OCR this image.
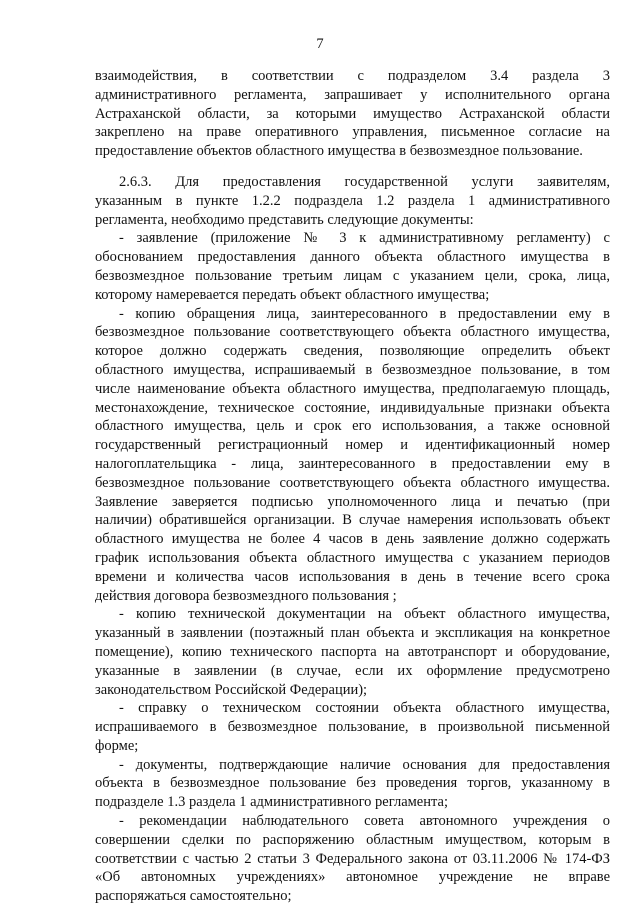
7
взаимодействия, в соответствии с подразделом 3.4 раздела 3
административного регламента, запрашивает у исполнительного органа
Астраханской области, за которыми имущество Астраханской области
закреплено на праве оперативного управления, письменное согласие на
предоставление объектов областного имущества в безвозмездное пользование.
2.6.3. Для предоставления государственной услуги заявителям,
указанным в пункте 1.2.2 подраздела 1.2 раздела 1 административного
регламента, необходимо представить следующие документы:
- заявление (приложение № 3 к административному регламенту) с
обоснованием предоставления данного объекта областного имущества в
безвозмездное пользование третьим лицам с указанием цели, срока, лица,
которому намеревается передать объект областного имущества;
- копию обращения лица, заинтересованного в предоставлении ему в
безвозмездное пользование соответствующего объекта областного имущества,
которое должно содержать сведения, позволяющие определить объект
областного имущества, испрашиваемый в безвозмездное пользование, в том
числе наименование объекта областного имущества, предполагаемую площадь,
местонахождение, техническое состояние, индивидуальные признаки объекта
областного имущества, цель и срок его использования, а также основной
государственный регистрационный номер и идентификационный номер
налогоплательщика - лица, заинтересованного в предоставлении ему в
безвозмездное пользование соответствующего объекта областного имущества.
Заявление заверяется подписью уполномоченного лица и печатью (при
наличии) обратившейся организации. В случае намерения использовать объект
областного имущества не более 4 часов в день заявление должно содержать
график использования объекта областного имущества с указанием периодов
времени и количества часов использования в день в течение всего срока
действия договора безвозмездного пользования ;
- копию технической документации на объект областного имущества,
указанный в заявлении (поэтажный план объекта и экспликация на конкретное
помещение), копию технического паспорта на автотранспорт и оборудование,
указанные в заявлении (в случае, если их оформление предусмотрено
законодательством Российской Федерации);
- справку о техническом состоянии объекта областного имущества,
испрашиваемого в безвозмездное пользование, в произвольной письменной
форме;
- документы, подтверждающие наличие основания для предоставления
объекта в безвозмездное пользование без проведения торгов, указанному в
подразделе 1.3 раздела 1 административного регламента;
- рекомендации наблюдательного совета автономного учреждения о
совершении сделки по распоряжению областным имуществом, которым в
соответствии с частью 2 статьи 3 Федерального закона от 03.11.2006 № 174-ФЗ
«Об автономных учреждениях» автономное учреждение не вправе
распоряжаться самостоятельно;
